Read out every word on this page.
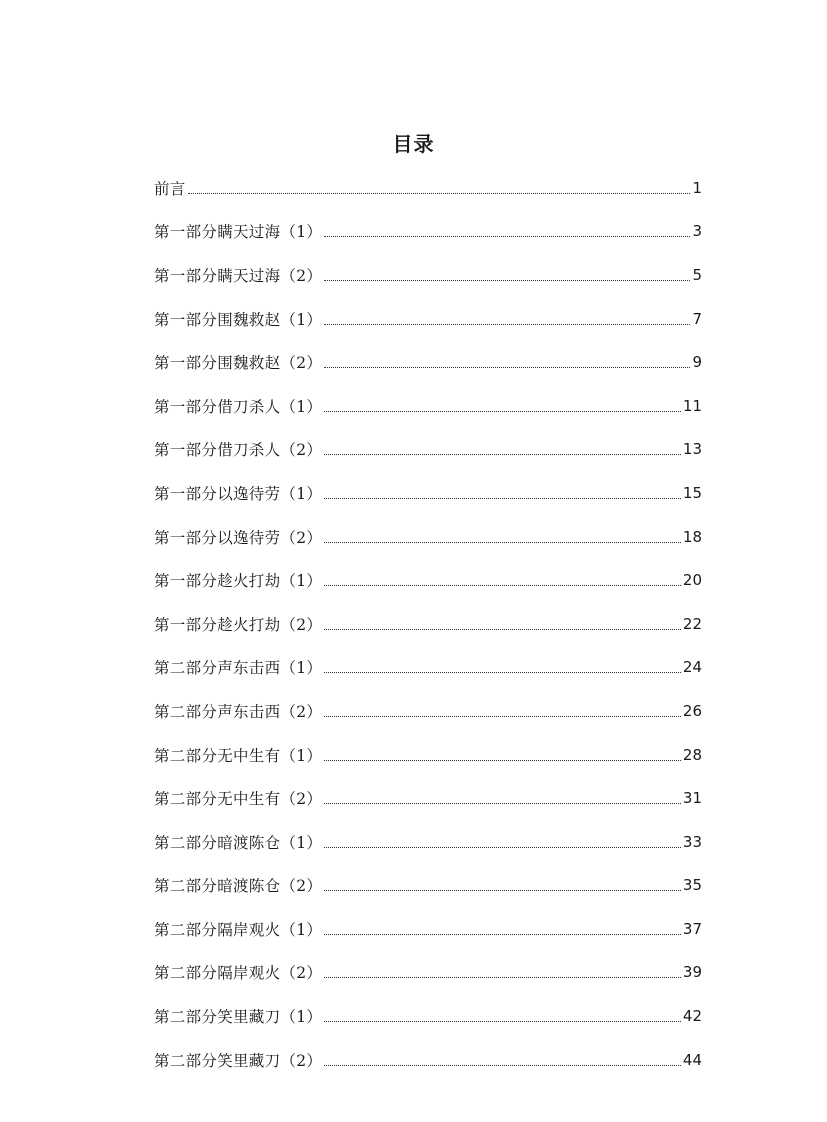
目录
前言	1
第一部分瞒天过海（1）	3
第一部分瞒天过海（2）	5
第一部分围魏救赵（1）	7
第一部分围魏救赵（2）	9
第一部分借刀杀人（1）	11
第一部分借刀杀人（2）	13
第一部分以逸待劳（1）	15
第一部分以逸待劳（2）	18
第一部分趁火打劫（1）	20
第一部分趁火打劫（2）	22
第二部分声东击西（1）	24
第二部分声东击西（2）	26
第二部分无中生有（1）	28
第二部分无中生有（2）	31
第二部分暗渡陈仓（1）	33
第二部分暗渡陈仓（2）	35
第二部分隔岸观火（1）	37
第二部分隔岸观火（2）	39
第二部分笑里藏刀（1）	42
第二部分笑里藏刀（2）	44
